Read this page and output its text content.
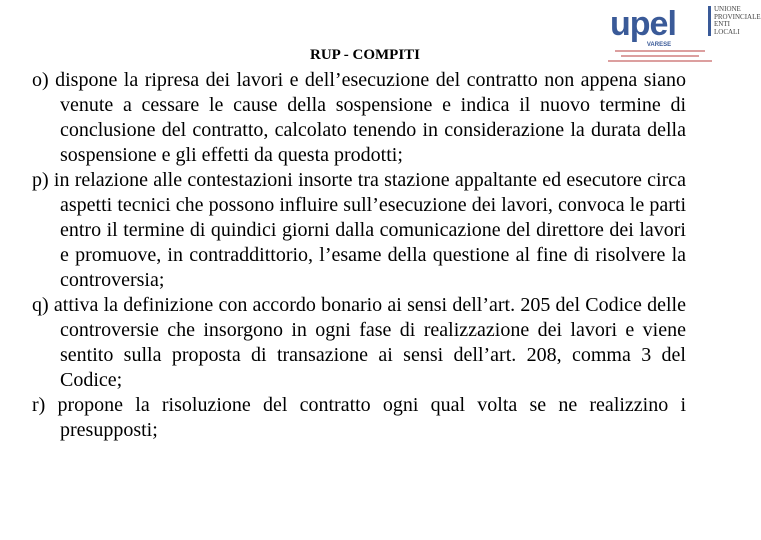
upel	UNIONE
PROVINCIALE
ENTI
LOCALI
VARESE
RUP - COMPITI
o) dispone la ripresa dei lavori e dell’esecuzione del contratto non appena siano venute a cessare le cause della sospensione e indica il nuovo termine di conclusione del contratto, calcolato tenendo in considerazione la durata della sospensione e gli effetti da questa prodotti;
p) in relazione alle contestazioni insorte tra stazione appaltante ed esecutore circa aspetti tecnici che possono influire sull’esecuzione dei lavori, convoca le parti entro il termine di quindici giorni dalla comunicazione del direttore dei lavori e promuove, in contraddittorio, l’esame della questione al fine di risolvere la controversia;
q) attiva la definizione con accordo bonario ai sensi dell’art. 205 del Codice delle controversie che insorgono in ogni fase di realizzazione dei lavori e viene sentito sulla proposta di transazione ai sensi dell’art. 208, comma 3 del Codice;
r) propone la risoluzione del contratto ogni qual volta se ne realizzino i presupposti;
